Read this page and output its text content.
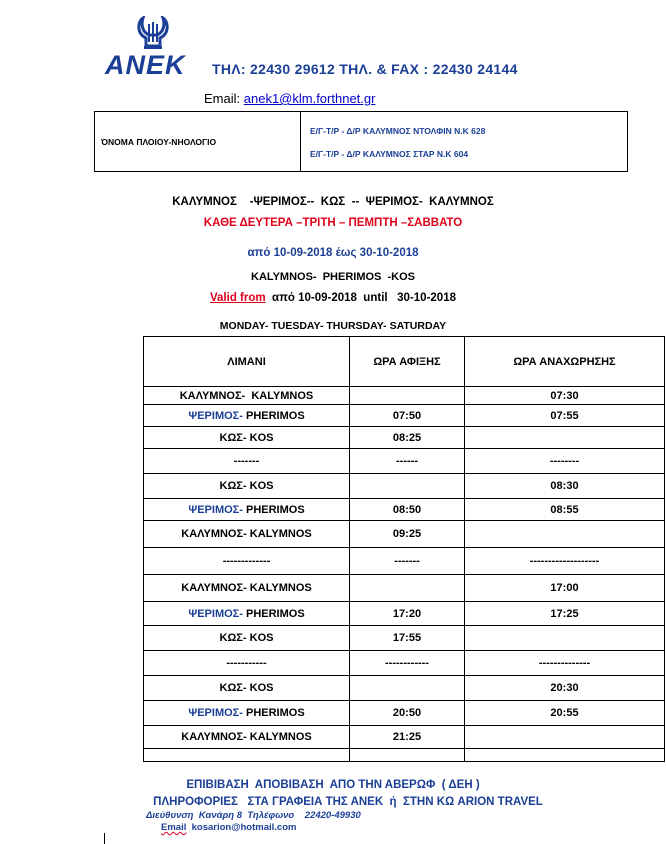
ANEK ΤΗΛ: 22430 29612 ΤΗΛ. & FAX : 22430 24144
Email: anek1@klm.forthnet.gr
ΌΝΟΜΑ ΠΛΟΙΟΥ-ΝΗΟΛΟΓΙΟ
Ε/Γ-Τ/Ρ - Δ/Ρ ΚΑΛΥΜΝΟΣ ΝΤΟΛΦΙΝ Ν.Κ 628
Ε/Γ-Τ/Ρ - Δ/Ρ ΚΑΛΥΜΝΟΣ ΣΤΑΡ Ν.Κ 604
ΚΑΛΥΜΝΟΣ    -ΨΕΡΙΜΟΣ--  ΚΩΣ  --  ΨΕΡΙΜΟΣ-  ΚΑΛΥΜΝΟΣ
ΚΑΘΕ ΔΕΥΤΕΡΑ –ΤΡΙΤΗ – ΠΕΜΠΤΗ –ΣΑΒΒΑΤΟ
από 10-09-2018 έως 30-10-2018
KALYMNOS-  PHERIMOS  -KOS
Valid from  από 10-09-2018  until   30-10-2018
MONDAY- TUESDAY- THURSDAY- SATURDAY
ΛΙΜΑΝΙ	ΩΡΑ ΑΦΙΞΗΣ	ΩΡΑ ΑΝΑΧΩΡΗΣΗΣ
ΚΑΛΥΜΝΟΣ-  KALYMNOS		07:30
ΨΕΡΙΜΟΣ- PHERIMOS	07:50	07:55
ΚΩΣ- KOS	08:25	
-------	------	--------
ΚΩΣ- KOS		08:30
ΨΕΡΙΜΟΣ- PHERIMOS	08:50	08:55
ΚΑΛΥΜΝΟΣ- KALYMNOS	09:25	
-------------	-------	-------------------
ΚΑΛΥΜΝΟΣ- KALYMNOS		17:00
ΨΕΡΙΜΟΣ- PHERIMOS	17:20	17:25
ΚΩΣ- KOS	17:55	
-----------	------------	--------------
ΚΩΣ- KOS		20:30
ΨΕΡΙΜΟΣ- PHERIMOS	20:50	20:55
ΚΑΛΥΜΝΟΣ- KALYMNOS	21:25	

ΕΠΙΒΙΒΑΣΗ  ΑΠΟΒΙΒΑΣΗ  ΑΠΟ ΤΗΝ ΑΒΕΡΩΦ  ( ΔΕΗ )
ΠΛΗΡΟΦΟΡΙΕΣ   ΣΤΑ ΓΡΑΦΕΙΑ ΤΗΣ ΑΝΕΚ  ή  ΣΤΗΝ ΚΩ ARION TRAVEL
Διεύθυνση  Κανάρη 8  Τηλέφωνο    22420-49930
Email  kosarion@hotmail.com
